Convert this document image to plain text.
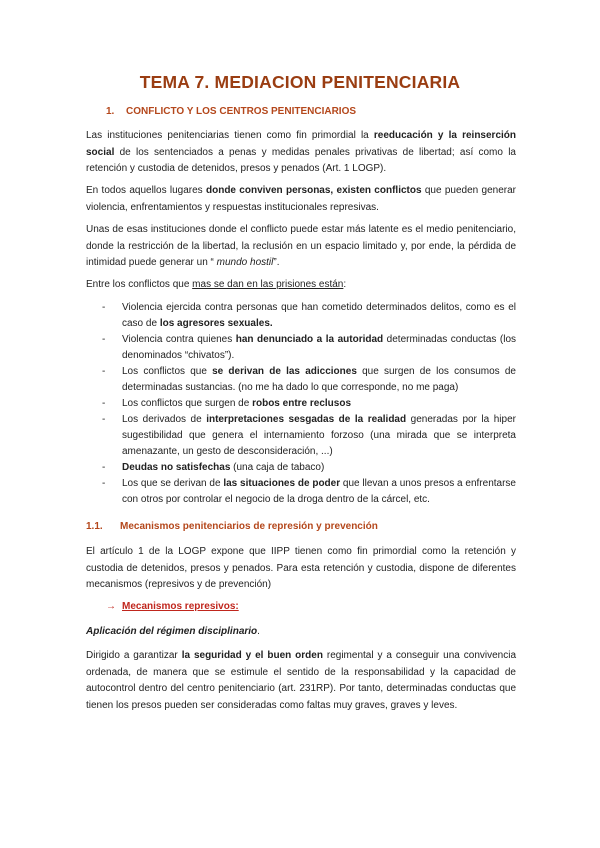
TEMA 7. MEDIACION PENITENCIARIA
1. CONFLICTO Y LOS CENTROS PENITENCIARIOS

Las instituciones penitenciarias tienen como fin primordial la reeducación y la reinserción social de los sentenciados a penas y medidas penales privativas de libertad; así como la retención y custodia de detenidos, presos y penados (Art. 1 LOGP).

En todos aquellos lugares donde conviven personas, existen conflictos que pueden generar violencia, enfrentamientos y respuestas institucionales represivas.

Unas de esas instituciones donde el conflicto puede estar más latente es el medio penitenciario, donde la restricción de la libertad, la reclusión en un espacio limitado y, por ende, la pérdida de intimidad puede generar un “ mundo hostil”.

Entre los conflictos que mas se dan en las prisiones están:

- Violencia ejercida contra personas que han cometido determinados delitos, como es el caso de los agresores sexuales.
- Violencia contra quienes han denunciado a la autoridad determinadas conductas (los denominados “chivatos”).
- Los conflictos que se derivan de las adicciones que surgen de los consumos de determinadas sustancias. (no me ha dado lo que corresponde, no me paga)
- Los conflictos que surgen de robos entre reclusos
- Los derivados de interpretaciones sesgadas de la realidad generadas por la hiper sugestibilidad que genera el internamiento forzoso (una mirada que se interpreta amenazante, un gesto de desconsideración, ...)
- Deudas no satisfechas (una caja de tabaco)
- Los que se derivan de las situaciones de poder que llevan a unos presos a enfrentarse con otros por controlar el negocio de la droga dentro de la cárcel, etc.
1.1. Mecanismos penitenciarios de represión y prevención

El artículo 1 de la LOGP expone que IIPP tienen como fin primordial como la retención y custodia de detenidos, presos y penados. Para esta retención y custodia, dispone de diferentes mecanismos (represivos y de prevención)

→ Mecanismos represivos:
Aplicación del régimen disciplinario.

Dirigido a garantizar la seguridad y el buen orden regimental y a conseguir una convivencia ordenada, de manera que se estimule el sentido de la responsabilidad y la capacidad de autocontrol dentro del centro penitenciario (art. 231RP). Por tanto, determinadas conductas que tienen los presos pueden ser consideradas como faltas muy graves, graves y leves.
